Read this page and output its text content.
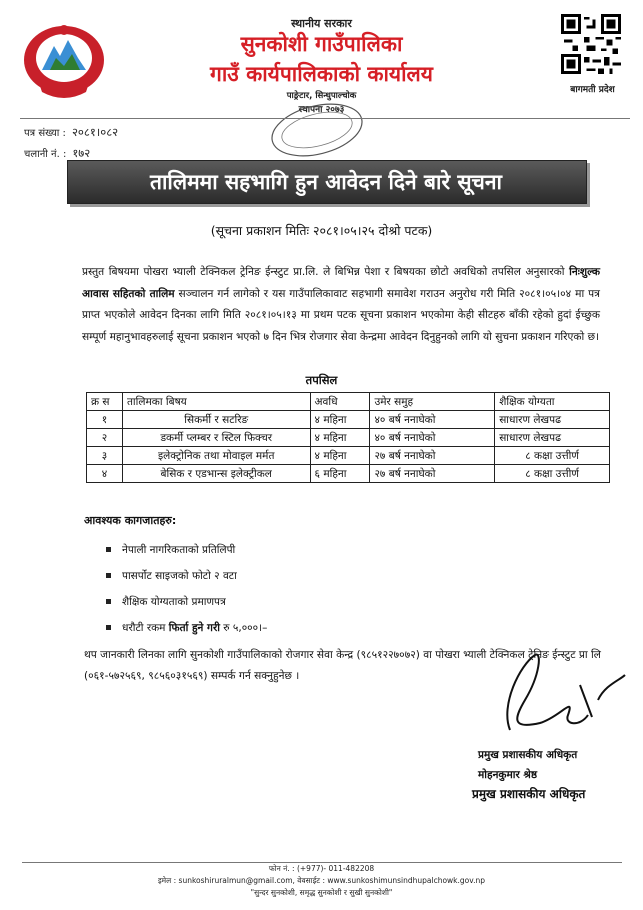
बागमती प्रदेश
स्थानीय सरकार
सुनकोशी गाउँपालिका
गाउँ कार्यपालिकाको कार्यालय
पाङ्रेटार, सिन्धुपाल्चोक
स्थापना २०७३
पत्र संख्या : २०८१।०८२
चलानी नं. : १७२
तालिममा सहभागि हुन आवेदन दिने बारे सूचना
(सूचना प्रकाशन मितिः २०८१।०५।२५ दोश्रो पटक)
प्रस्तुत बिषयमा पोखरा भ्याली टेक्निकल ट्रेनिङ ईन्स्टुट प्रा.लि. ले बिभिन्न पेशा र बिषयका छोटो अवधिको तपसिल अनुसारको निःशुल्क आवास सहितको तालिम सञ्चालन गर्न लागेको र यस गाउँपालिकावाट सहभागी समावेश गराउन अनुरोध गरी मिति २०८१।०५।०४ मा पत्र प्राप्त भएकोले आवेदन दिनका लागि मिति २०८१।०५।१३ मा प्रथम पटक सूचना प्रकाशन भएकोमा केही सीटहरु बाँकी रहेको हुदां ईच्छुक सम्पूर्ण महानुभावहरुलाई सूचना प्रकाशन भएको ७ दिन भित्र रोजगार सेवा केन्द्रमा आवेदन दिनुहुनको लागि यो सुचना प्रकाशन गरिएको छ।
तपसिल
क्र स	तालिमका बिषय	अवधि	उमेर समुह	शैक्षिक योग्यता
१	सिकर्मी र सटरिङ	४ महिना	४० बर्ष ननाघेको	साधारण लेखपढ
२	डकर्मी प्लम्बर र स्टिल फिक्चर	४ महिना	४० बर्ष ननाघेको	साधारण लेखपढ
३	इलेक्ट्रोनिक तथा मोवाइल मर्मत	४ महिना	२७ बर्ष ननाघेको	८ कक्षा उत्तीर्ण
४	बेसिक र एडभान्स इलेक्ट्रीकल	६ महिना	२७ बर्ष ननाघेको	८ कक्षा उत्तीर्ण
आवश्यक कागजातहरु:
नेपाली नागरिकताको प्रतिलिपी
पासर्पोट साइजको फोटो २ वटा
शैक्षिक योग्यताको प्रमाणपत्र
धरौटी रकम फिर्ता हुने गरी रु ५,०००।–
थप जानकारी लिनका लागि सुनकोशी गाउँपालिकाको रोजगार सेवा केन्द्र (९८५१२२७०७२) वा पोखरा भ्याली टेक्निकल ट्रेनिङ ईन्स्टुट प्रा लि (०६१-५७२५६९, ९८५६०३१५६९) सम्पर्क गर्न सक्नुहुनेछ ।
प्रमुख प्रशासकीय अधिकृत
मोहनकुमार श्रेष्ठ
प्रमुख प्रशासकीय अधिकृत
फोन नं. : (+977)- 011-482208
इमेल : sunkoshiruralmun@gmail.com, वेवसाईट : www.sunkoshimunsindhupalchowk.gov.np
"सुन्दर सुनकोशी, समृद्ध सुनकोशी र सुखी सुनकोशी"
